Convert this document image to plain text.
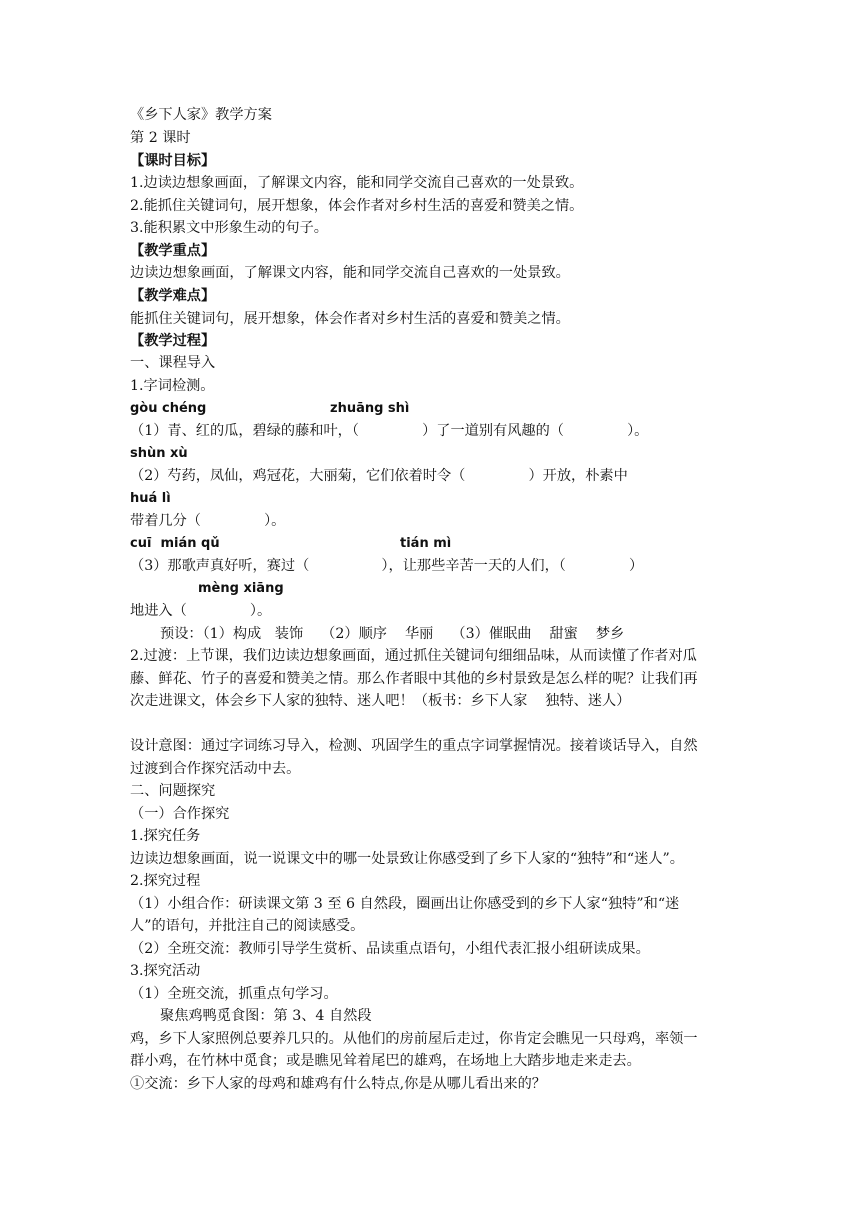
《乡下人家》教学方案
第 2 课时
【课时目标】
1.边读边想象画面，了解课文内容，能和同学交流自己喜欢的一处景致。
2.能抓住关键词句，展开想象，体会作者对乡村生活的喜爱和赞美之情。
3.能积累文中形象生动的句子。
【教学重点】
边读边想象画面，了解课文内容，能和同学交流自己喜欢的一处景致。
【教学难点】
能抓住关键词句，展开想象，体会作者对乡村生活的喜爱和赞美之情。
【教学过程】
一、课程导入
1.字词检测。
gòu chéng	zhuāng shì
（1）青、红的瓜，碧绿的藤和叶，（              ）了一道别有风趣的（              ）。
shùn xù
（2）芍药，凤仙，鸡冠花，大丽菊，它们依着时令（              ）开放，朴素中
huá lì
带着几分（              ）。
cuī  mián qǔ	tián mì
（3）那歌声真好听，赛过（                ），让那些辛苦一天的人们，（              ）
mèng xiāng
地进入（              ）。
预设：（1）构成   装饰    （2）顺序    华丽    （3）催眠曲    甜蜜    梦乡
2.过渡：上节课，我们边读边想象画面，通过抓住关键词句细细品味，从而读懂了作者对瓜
藤、鲜花、竹子的喜爱和赞美之情。那么作者眼中其他的乡村景致是怎么样的呢？让我们再
次走进课文，体会乡下人家的独特、迷人吧！（板书：乡下人家    独特、迷人）
设计意图：通过字词练习导入，检测、巩固学生的重点字词掌握情况。接着谈话导入，自然
过渡到合作探究活动中去。
二、问题探究
（一）合作探究
1.探究任务
边读边想象画面，说一说课文中的哪一处景致让你感受到了乡下人家的“独特”和“迷人”。
2.探究过程
（1）小组合作：研读课文第 3 至 6 自然段，圈画出让你感受到的乡下人家“独特”和“迷
人”的语句，并批注自己的阅读感受。
（2）全班交流：教师引导学生赏析、品读重点语句，小组代表汇报小组研读成果。
3.探究活动
（1）全班交流，抓重点句学习。
聚焦鸡鸭觅食图：第 3、4 自然段
鸡，乡下人家照例总要养几只的。从他们的房前屋后走过，你肯定会瞧见一只母鸡，率领一
群小鸡，在竹林中觅食；或是瞧见耸着尾巴的雄鸡，在场地上大踏步地走来走去。
①交流：乡下人家的母鸡和雄鸡有什么特点,你是从哪儿看出来的？
